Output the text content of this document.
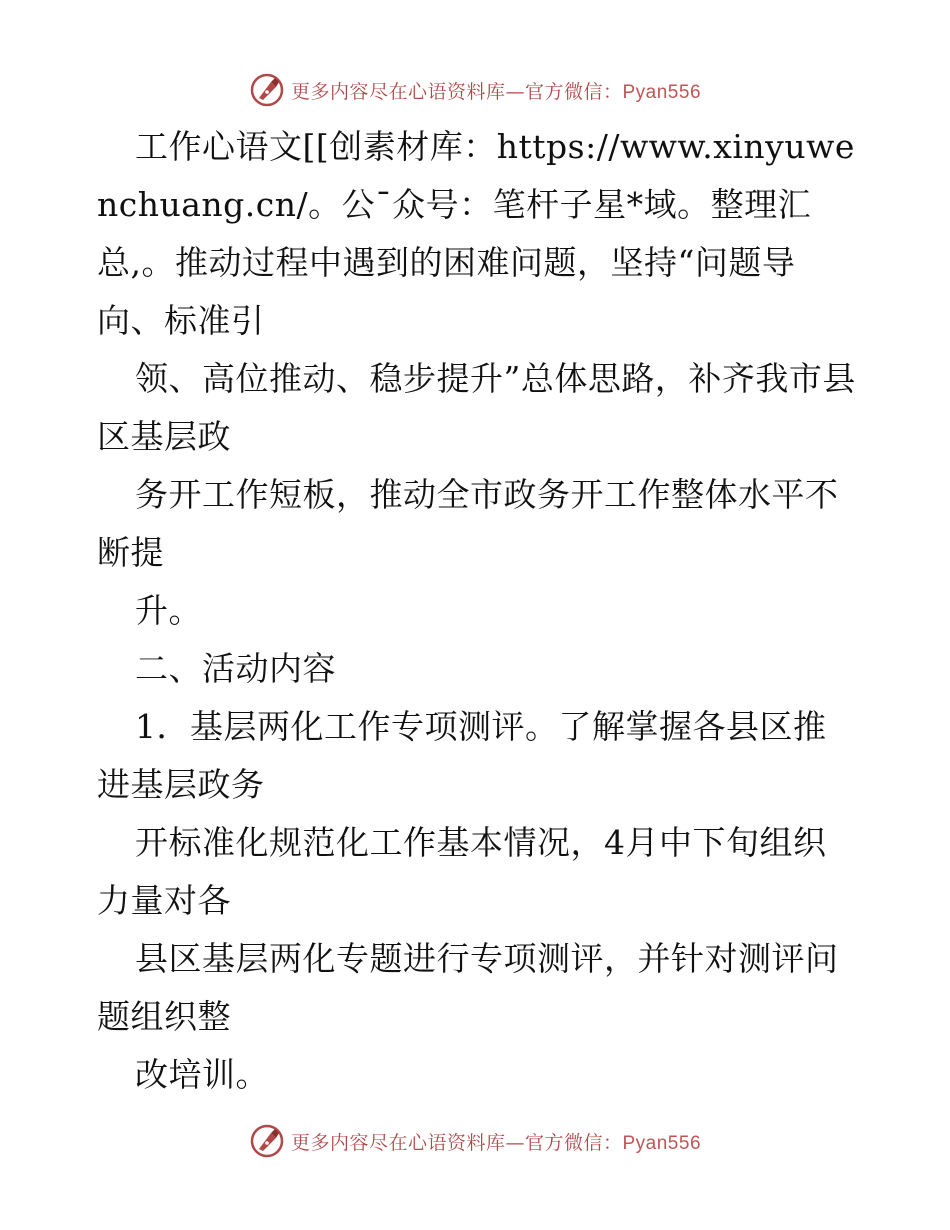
更多内容尽在心语资料库—官方微信：Pyan556

工作心语文[[创素材库：https://www.xinyuwenchuang.cn/。公¯众号：笔杆子星*域。整理汇总,。推动过程中遇到的困难问题，坚持“问题导向、标准引

领、高位推动、稳步提升”总体思路，补齐我市县区基层政

务开工作短板，推动全市政务开工作整体水平不断提

升。

二、活动内容

1．基层两化工作专项测评。了解掌握各县区推进基层政务

开标准化规范化工作基本情况，4月中下旬组织力量对各

县区基层两化专题进行专项测评，并针对测评问题组织整

改培训。

更多内容尽在心语资料库—官方微信：Pyan556
